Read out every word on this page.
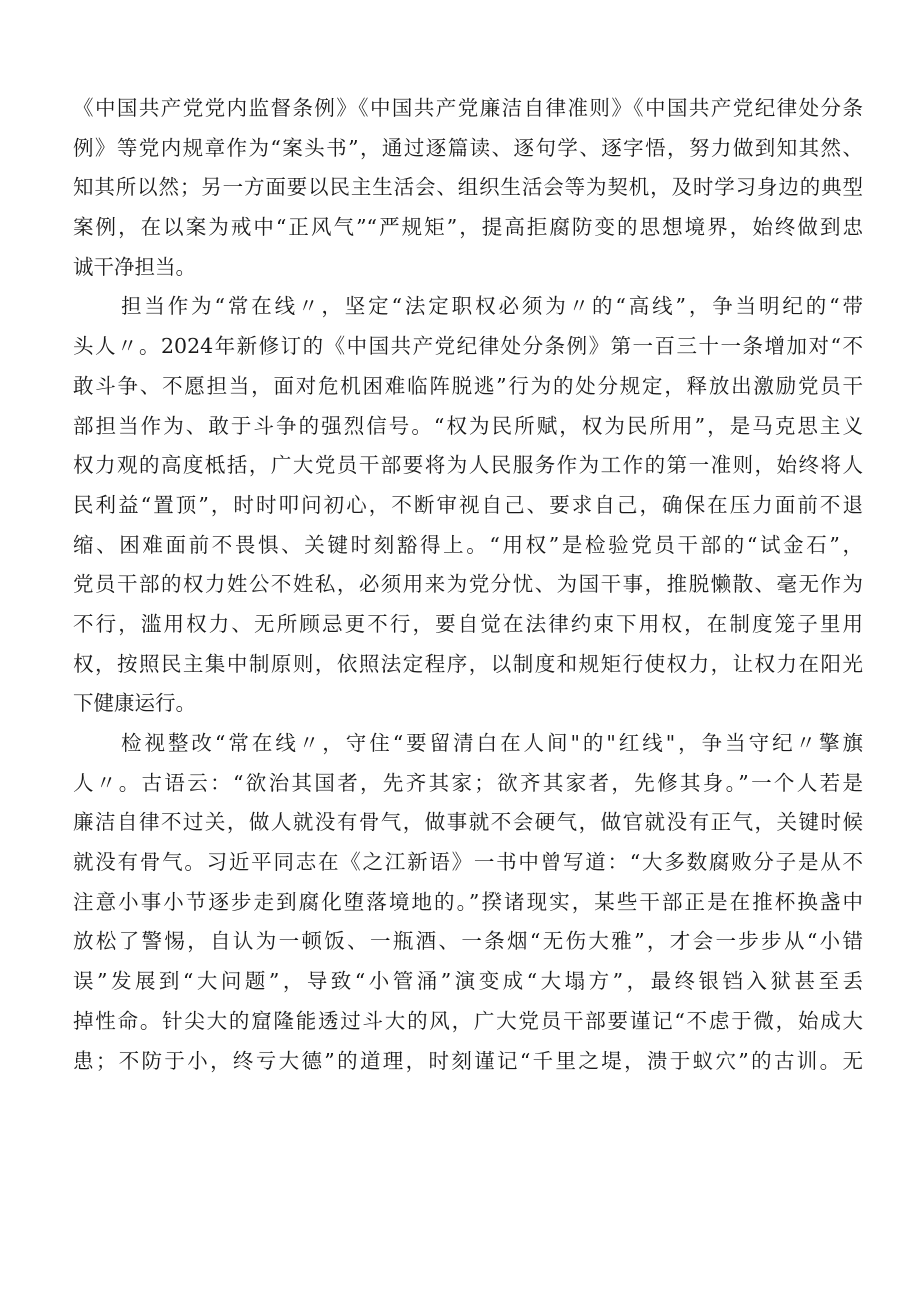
《中国共产党党内监督条例》《中国共产党廉洁自律准则》《中国共产党纪律处分条
例》等党内规章作为“案头书”，通过逐篇读、逐句学、逐字悟，努力做到知其然、
知其所以然；另一方面要以民主生活会、组织生活会等为契机，及时学习身边的典型
案例，在以案为戒中“正风气”“严规矩”，提高拒腐防变的思想境界，始终做到忠
诚干净担当。
担当作为“常在线〃，坚定“法定职权必须为〃的“高线”，争当明纪的“带
头人〃。2024年新修订的《中国共产党纪律处分条例》第一百三十一条增加对“不
敢斗争、不愿担当，面对危机困难临阵脱逃”行为的处分规定，释放出激励党员干
部担当作为、敢于斗争的强烈信号。“权为民所赋，权为民所用”，是马克思主义
权力观的高度柢括，广大党员干部要将为人民服务作为工作的第一准则，始终将人
民利益“置顶”，时时叩问初心，不断审视自己、要求自己，确保在压力面前不退
缩、困难面前不畏惧、关键时刻豁得上。“用权”是检验党员干部的“试金石”，
党员干部的权力姓公不姓私，必须用来为党分忧、为国干事，推脱懒散、毫无作为
不行，滥用权力、无所顾忌更不行，要自觉在法律约束下用权，在制度笼子里用
权，按照民主集中制原则，依照法定程序，以制度和规矩行使权力，让权力在阳光
下健康运行。
检视整改“常在线〃，守住“要留清白在人间"的"红线"，争当守纪〃擎旗
人〃。古语云：“欲治其国者，先齐其家；欲齐其家者，先修其身。”一个人若是
廉洁自律不过关，做人就没有骨气，做事就不会硬气，做官就没有正气，关键时候
就没有骨气。习近平同志在《之江新语》一书中曾写道：“大多数腐败分子是从不
注意小事小节逐步走到腐化堕落境地的。”揆诸现实，某些干部正是在推杯换盏中
放松了警惕，自认为一顿饭、一瓶酒、一条烟“无伤大雅”，才会一步步从“小错
误”发展到“大问题”，导致“小管涌”演变成“大塌方”，最终银铛入狱甚至丢
掉性命。针尖大的窟隆能透过斗大的风，广大党员干部要谨记“不虑于微，始成大
患；不防于小，终亏大德”的道理，时刻谨记“千里之堤，溃于蚁穴”的古训。无
